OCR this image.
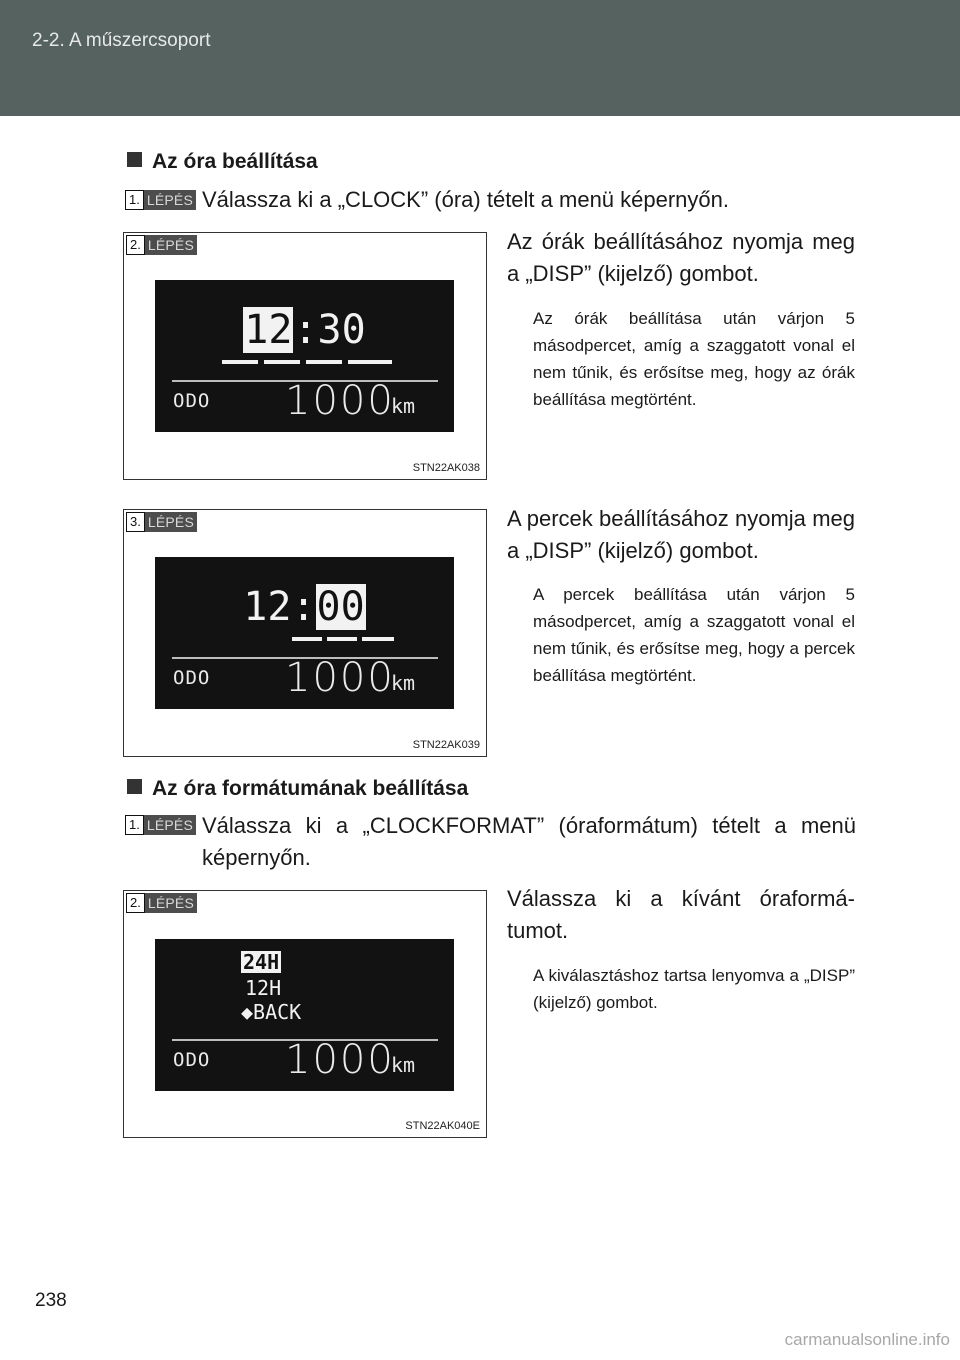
2-2. A műszercsoport
Az óra beállítása
1. LÉPÉS Válassza ki a „CLOCK” (óra) tételt a menü képernyőn.
2. LÉPÉS
12:30
ODO 1000
km
STN22AK038
Az órák beállításához nyomja meg a „DISP” (kijelző) gombot.
Az órák beállítása után várjon 5 másodpercet, amíg a szaggatott vonal el nem tűnik, és erősítse meg, hogy az órák beállítása megtörtént.
3. LÉPÉS
12:00
ODO 1000
km
STN22AK039
A percek beállításához nyomja meg a „DISP” (kijelző) gombot.
A percek beállítása után várjon 5 másodpercet, amíg a szaggatott vonal el nem tűnik, és erősítse meg, hogy a percek beállítása megtörtént.
Az óra formátumának beállítása
1. LÉPÉS Válassza ki a „CLOCKFORMAT” (óraformátum) tételt a menü képernyőn.
2. LÉPÉS
24H
12H
◆BACK
ODO 1000
km
STN22AK040E
Válassza ki a kívánt óraformá-tumot.
A kiválasztáshoz tartsa lenyomva a „DISP” (kijelző) gombot.
238
carmanualsonline.info
